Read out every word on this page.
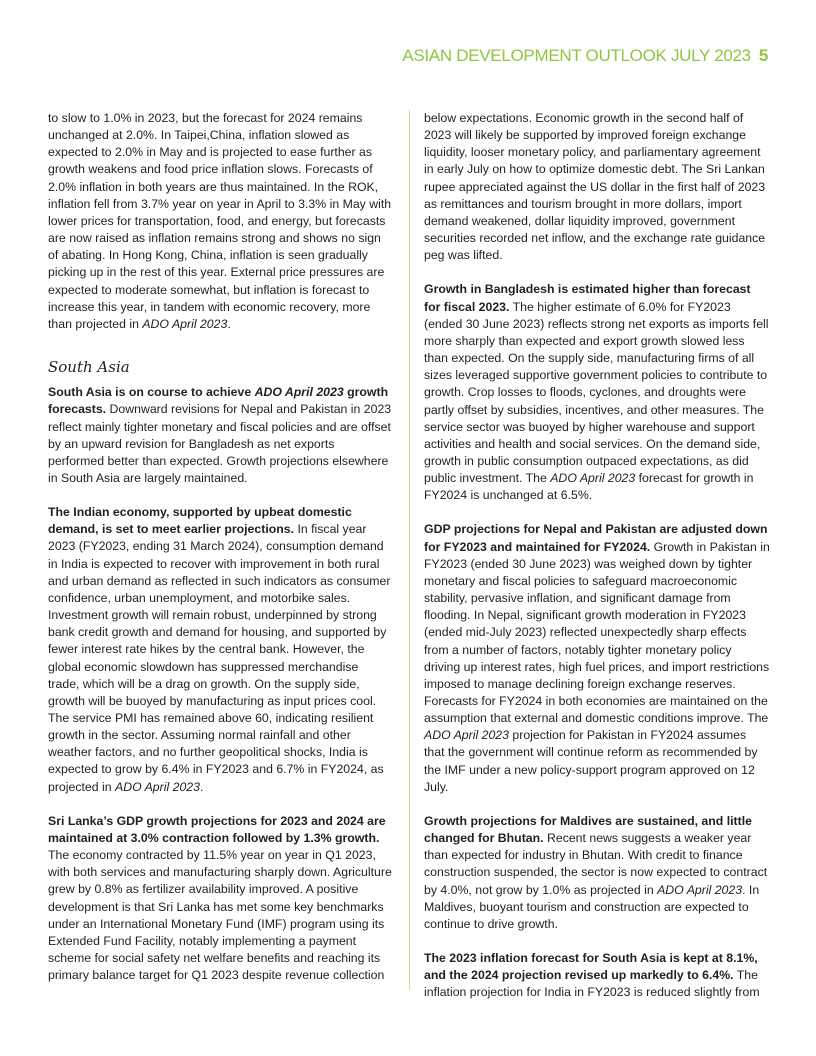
ASIAN DEVELOPMENT OUTLOOK JULY 2023 5

to slow to 1.0% in 2023, but the forecast for 2024 remains unchanged at 2.0%. In Taipei,China, inflation slowed as expected to 2.0% in May and is projected to ease further as growth weakens and food price inflation slows. Forecasts of 2.0% inflation in both years are thus maintained. In the ROK, inflation fell from 3.7% year on year in April to 3.3% in May with lower prices for transportation, food, and energy, but forecasts are now raised as inflation remains strong and shows no sign of abating. In Hong Kong, China, inflation is seen gradually picking up in the rest of this year. External price pressures are expected to moderate somewhat, but inflation is forecast to increase this year, in tandem with economic recovery, more than projected in ADO April 2023.

South Asia

South Asia is on course to achieve ADO April 2023 growth forecasts. Downward revisions for Nepal and Pakistan in 2023 reflect mainly tighter monetary and fiscal policies and are offset by an upward revision for Bangladesh as net exports performed better than expected. Growth projections elsewhere in South Asia are largely maintained.

The Indian economy, supported by upbeat domestic demand, is set to meet earlier projections. In fiscal year 2023 (FY2023, ending 31 March 2024), consumption demand in India is expected to recover with improvement in both rural and urban demand as reflected in such indicators as consumer confidence, urban unemployment, and motorbike sales. Investment growth will remain robust, underpinned by strong bank credit growth and demand for housing, and supported by fewer interest rate hikes by the central bank. However, the global economic slowdown has suppressed merchandise trade, which will be a drag on growth. On the supply side, growth will be buoyed by manufacturing as input prices cool. The service PMI has remained above 60, indicating resilient growth in the sector. Assuming normal rainfall and other weather factors, and no further geopolitical shocks, India is expected to grow by 6.4% in FY2023 and 6.7% in FY2024, as projected in ADO April 2023.

Sri Lanka’s GDP growth projections for 2023 and 2024 are maintained at 3.0% contraction followed by 1.3% growth. The economy contracted by 11.5% year on year in Q1 2023, with both services and manufacturing sharply down. Agriculture grew by 0.8% as fertilizer availability improved. A positive development is that Sri Lanka has met some key benchmarks under an International Monetary Fund (IMF) program using its Extended Fund Facility, notably implementing a payment scheme for social safety net welfare benefits and reaching its primary balance target for Q1 2023 despite revenue collection

below expectations. Economic growth in the second half of 2023 will likely be supported by improved foreign exchange liquidity, looser monetary policy, and parliamentary agreement in early July on how to optimize domestic debt. The Sri Lankan rupee appreciated against the US dollar in the first half of 2023 as remittances and tourism brought in more dollars, import demand weakened, dollar liquidity improved, government securities recorded net inflow, and the exchange rate guidance peg was lifted.

Growth in Bangladesh is estimated higher than forecast for fiscal 2023. The higher estimate of 6.0% for FY2023 (ended 30 June 2023) reflects strong net exports as imports fell more sharply than expected and export growth slowed less than expected. On the supply side, manufacturing firms of all sizes leveraged supportive government policies to contribute to growth. Crop losses to floods, cyclones, and droughts were partly offset by subsidies, incentives, and other measures. The service sector was buoyed by higher warehouse and support activities and health and social services. On the demand side, growth in public consumption outpaced expectations, as did public investment. The ADO April 2023 forecast for growth in FY2024 is unchanged at 6.5%.

GDP projections for Nepal and Pakistan are adjusted down for FY2023 and maintained for FY2024. Growth in Pakistan in FY2023 (ended 30 June 2023) was weighed down by tighter monetary and fiscal policies to safeguard macroeconomic stability, pervasive inflation, and significant damage from flooding. In Nepal, significant growth moderation in FY2023 (ended mid-July 2023) reflected unexpectedly sharp effects from a number of factors, notably tighter monetary policy driving up interest rates, high fuel prices, and import restrictions imposed to manage declining foreign exchange reserves. Forecasts for FY2024 in both economies are maintained on the assumption that external and domestic conditions improve. The ADO April 2023 projection for Pakistan in FY2024 assumes that the government will continue reform as recommended by the IMF under a new policy-support program approved on 12 July.

Growth projections for Maldives are sustained, and little changed for Bhutan. Recent news suggests a weaker year than expected for industry in Bhutan. With credit to finance construction suspended, the sector is now expected to contract by 4.0%, not grow by 1.0% as projected in ADO April 2023. In Maldives, buoyant tourism and construction are expected to continue to drive growth.

The 2023 inflation forecast for South Asia is kept at 8.1%, and the 2024 projection revised up markedly to 6.4%. The inflation projection for India in FY2023 is reduced slightly from
